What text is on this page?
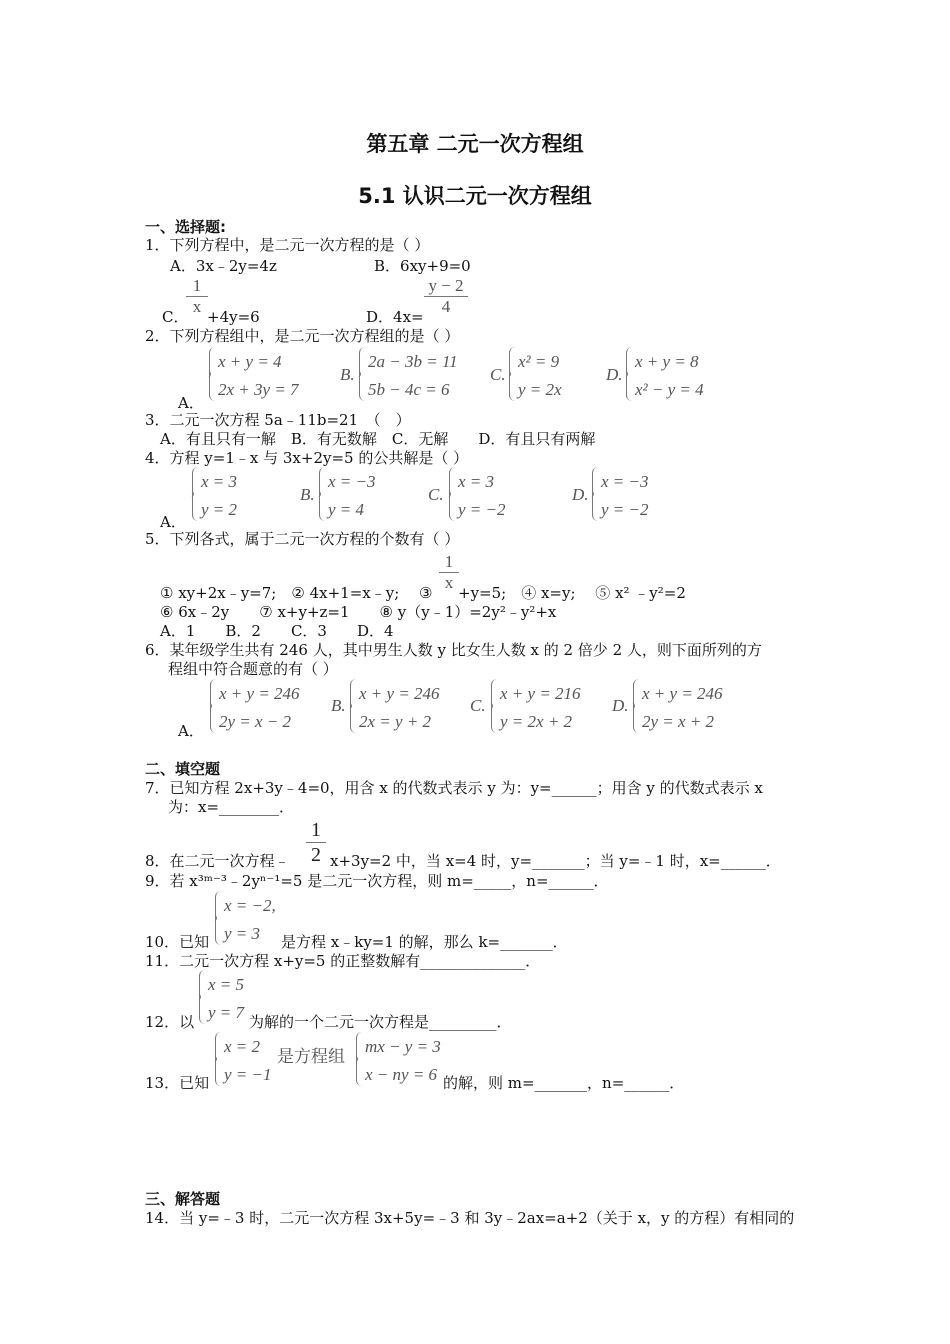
第五章 二元一次方程组
5.1 认识二元一次方程组
一、选择题:
1．下列方程中，是二元一次方程的是（ ）
A．3x﹣2y=4z	B．6xy+9=0
C．
$\frac{1}{x} +4y=6$	D．$4x= \frac{y - 2}{4}$
2．下列方程组中，是二元一次方程组的是（ ）
A．
x + y = 4
2x + 3y = 7
B.
2a − 3b = 11
5b − 4c = 6
C.
x² = 9
y = 2x
D.
x + y = 8
x² − y = 4
3．二元一次方程 5a﹣11b=21　（　）
A．有且只有一解　B．有无数解　C．无解　　D．有且只有两解
4．方程 y=1﹣x 与 3x+2y=5 的公共解是（ ）
A．
x = 3
y = 2
B.
x = −3
y = 4
C.
x = 3
y = −2
D.
x = −3
y = −2
5．下列各式，属于二元一次方程的个数有（ ）
$\frac{1}{x}$
① xy+2x﹣y=7;　② 4x+1=x﹣y;　 ③ +y=5;　④ x=y;　 ⑤ x² ﹣y²=2
⑥ 6x﹣2y　　⑦ x+y+z=1　　⑧ y（y﹣1）=2y²﹣y²+x
A．1　　B．2　　C．3　　D．4
6．某年级学生共有 246 人，其中男生人数 y 比女生人数 x 的 2 倍少 2 人，则下面所列的方
程组中符合题意的有（ ）
A．
x + y = 246
2y = x − 2
B.
x + y = 246
2x = y + 2
C.
x + y = 216
y = 2x + 2
D.
x + y = 246
2y = x + 2
二、填空题
7．已知方程 2x+3y﹣4=0，用含 x 的代数式表示 y 为：y=______；用含 y 的代数式表示 x
为：x=________．
$\frac{1}{2}$
8．在二元一次方程﹣	x+3y=2 中，当 x=4 时，y=_______；当 y=﹣1 时，x=______．
9．若 x³ᵐ⁻³﹣2yⁿ⁻¹=5 是二元一次方程，则 m=_____，n=______．
x = −2,
y = 3
10．已知	是方程 x﹣ky=1 的解，那么 k=_______．
11．二元一次方程 x+y=5 的正整数解有______________．
x = 5
y = 7
12．以	为解的一个二元一次方程是_________．
x = 2
y = −1
是方程组
mx − y = 3
x − ny = 6
13．已知	的解，则 m=_______，n=______．
三、解答题
14．当 y=﹣3 时，二元一次方程 3x+5y=﹣3 和 3y﹣2ax=a+2（关于 x，y 的方程）有相同的
